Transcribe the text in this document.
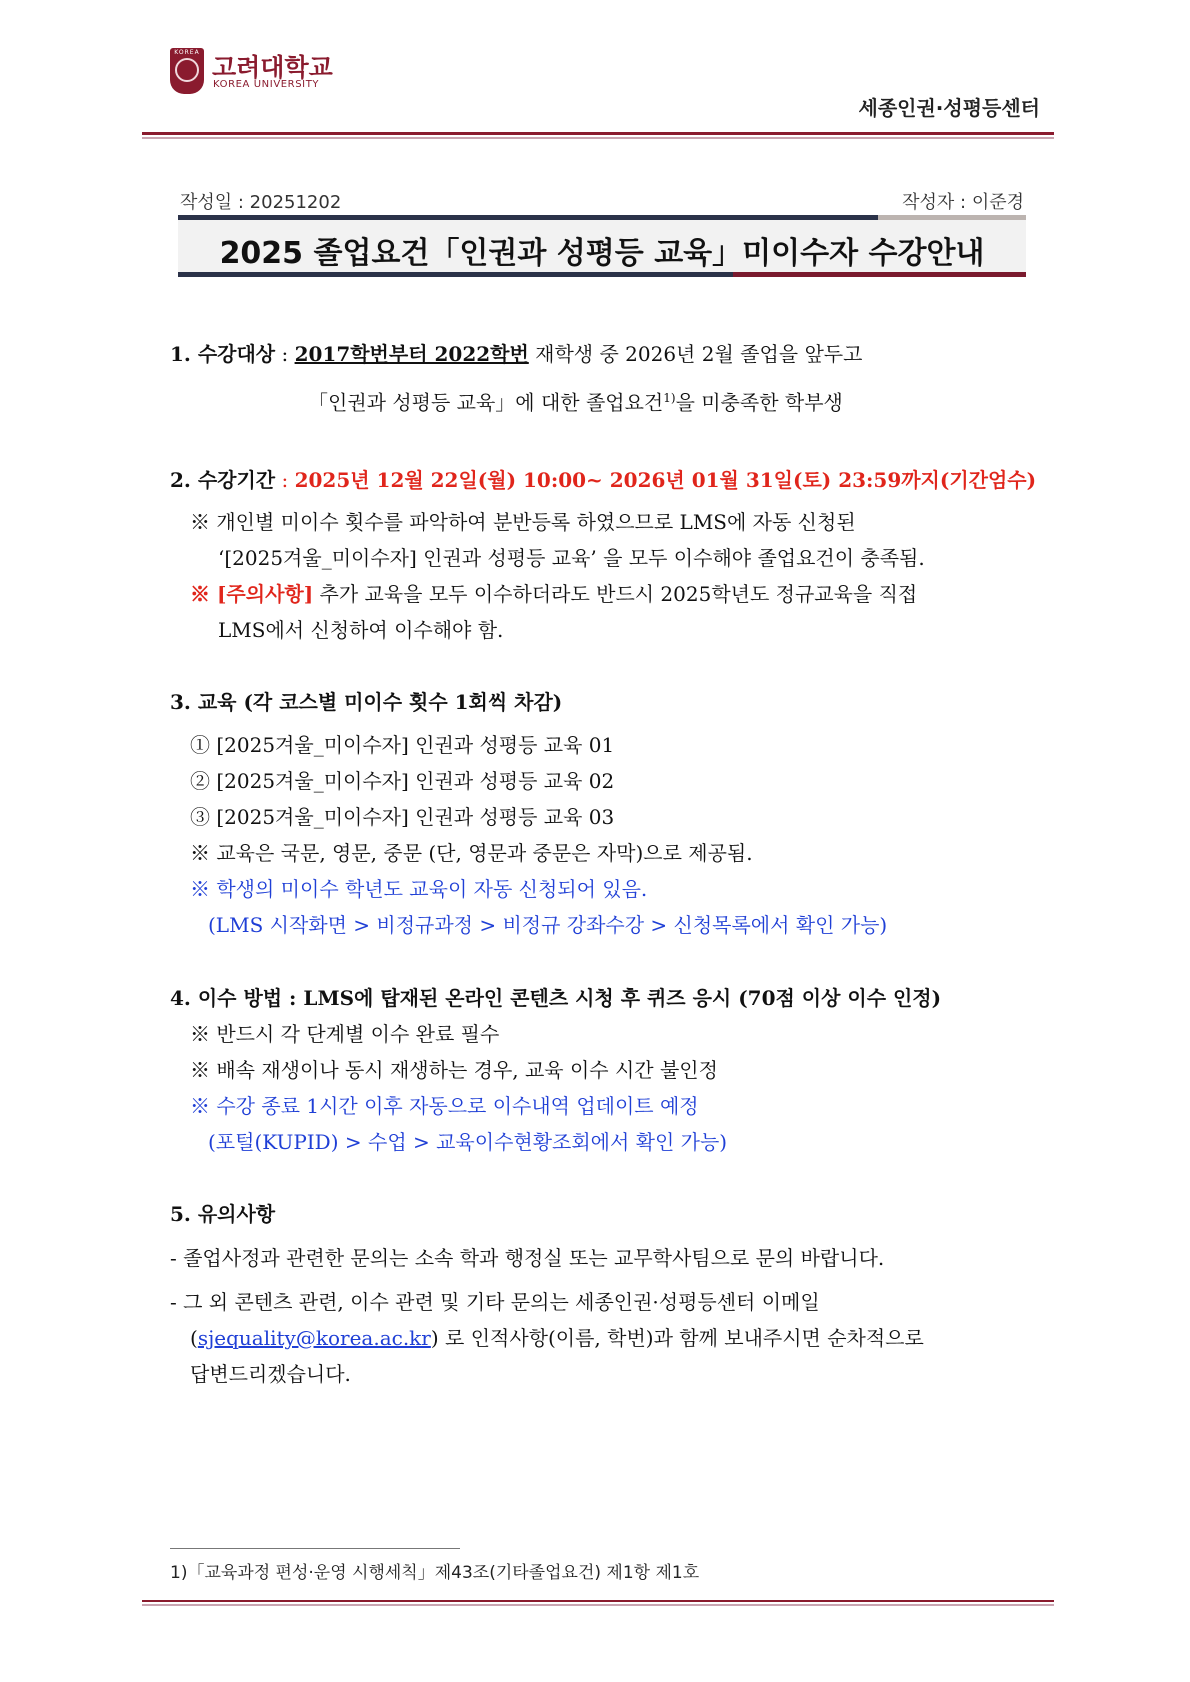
KOREA
고려대학교
KOREA UNIVERSITY
세종인권·성평등센터
작성일 : 20251202	작성자 : 이준경
2025 졸업요건「인권과 성평등 교육」미이수자 수강안내
1. 수강대상 : 2017학번부터 2022학번 재학생 중 2026년 2월 졸업을 앞두고
「인권과 성평등 교육」에 대한 졸업요건$^{1)}$을 미충족한 학부생
2. 수강기간 : 2025년 12월 22일(월) 10:00~ 2026년 01월 31일(토) 23:59까지(기간엄수)
※ 개인별 미이수 횟수를 파악하여 분반등록 하였으므로 LMS에 자동 신청된
‘[2025겨울_미이수자] 인권과 성평등 교육’ 을 모두 이수해야 졸업요건이 충족됨.
※ [주의사항] 추가 교육을 모두 이수하더라도 반드시 2025학년도 정규교육을 직접
LMS에서 신청하여 이수해야 함.
3. 교육 (각 코스별 미이수 횟수 1회씩 차감)
① [2025겨울_미이수자] 인권과 성평등 교육 01
② [2025겨울_미이수자] 인권과 성평등 교육 02
③ [2025겨울_미이수자] 인권과 성평등 교육 03
※ 교육은 국문, 영문, 중문 (단, 영문과 중문은 자막)으로 제공됨.
※ 학생의 미이수 학년도 교육이 자동 신청되어 있음.
(LMS 시작화면 > 비정규과정 > 비정규 강좌수강 > 신청목록에서 확인 가능)
4. 이수 방법 : LMS에 탑재된 온라인 콘텐츠 시청 후 퀴즈 응시 (70점 이상 이수 인정)
※ 반드시 각 단계별 이수 완료 필수
※ 배속 재생이나 동시 재생하는 경우, 교육 이수 시간 불인정
※ 수강 종료 1시간 이후 자동으로 이수내역 업데이트 예정
(포털(KUPID) > 수업 > 교육이수현황조회에서 확인 가능)
5. 유의사항
- 졸업사정과 관련한 문의는 소속 학과 행정실 또는 교무학사팀으로 문의 바랍니다.
- 그 외 콘텐츠 관련, 이수 관련 및 기타 문의는 세종인권·성평등센터 이메일
(sjequality@korea.ac.kr) 로 인적사항(이름, 학번)과 함께 보내주시면 순차적으로
답변드리겠습니다.
1)「교육과정 편성·운영 시행세칙」제43조(기타졸업요건) 제1항 제1호
